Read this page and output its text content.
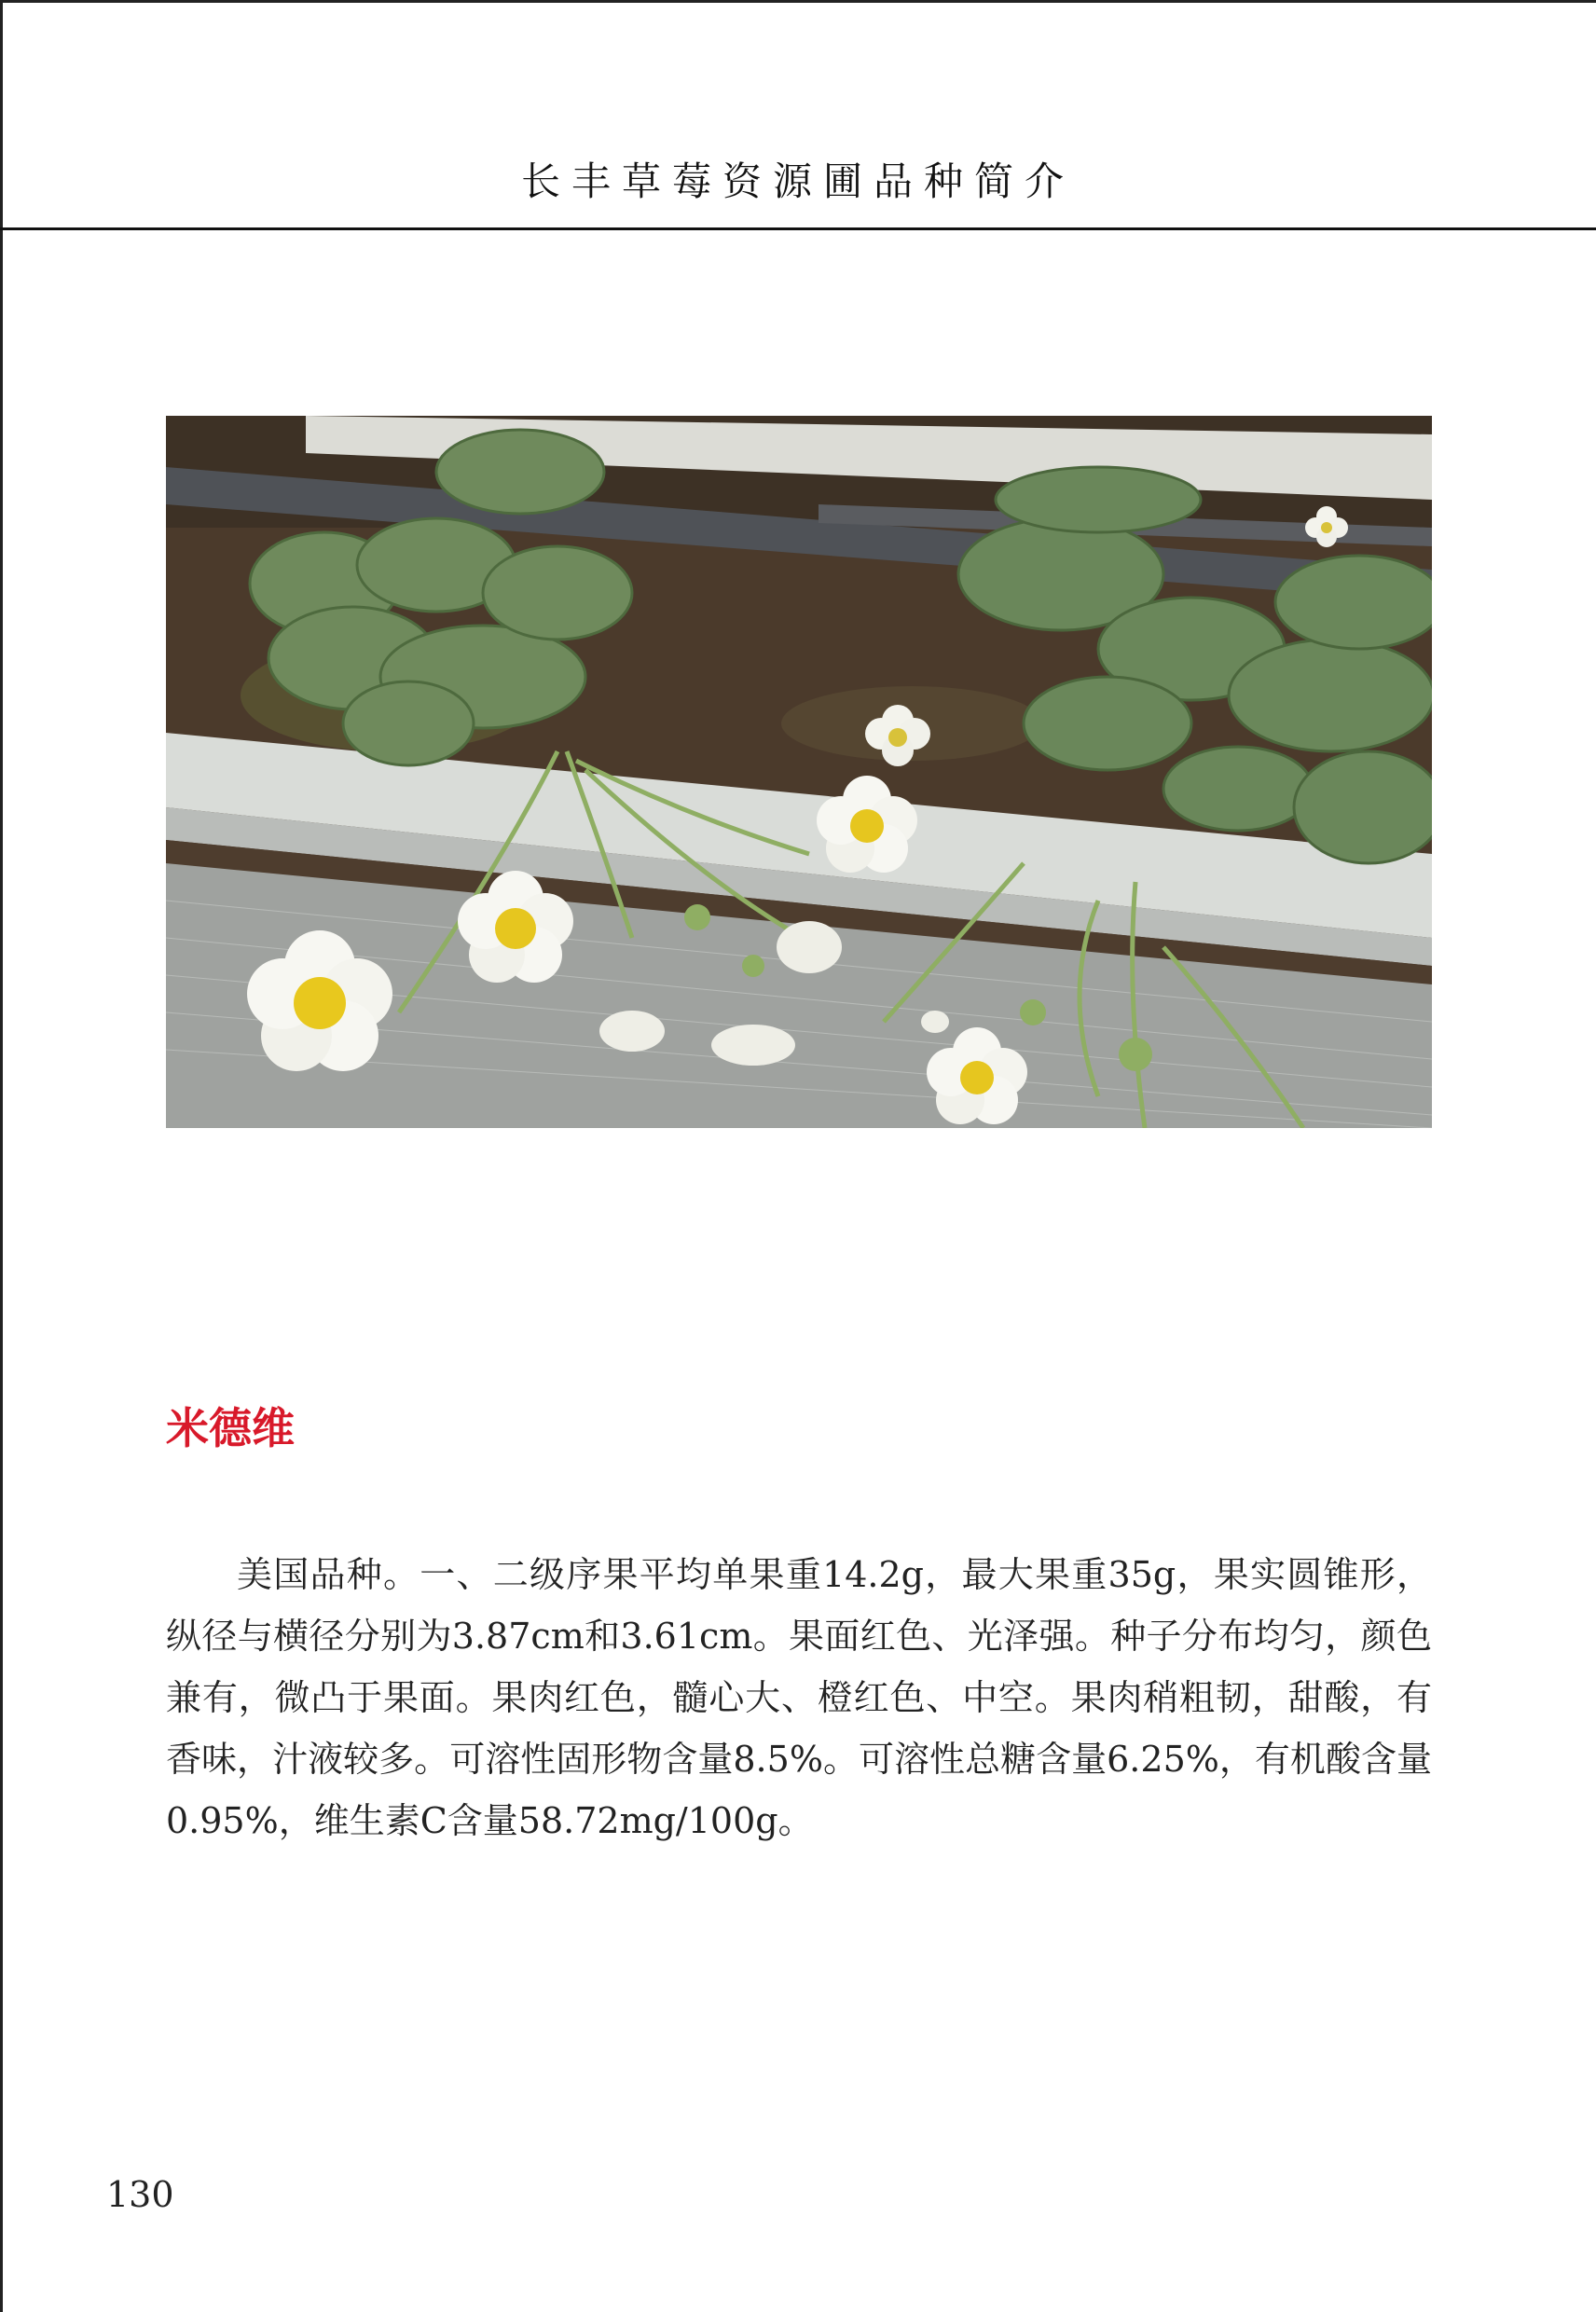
长丰草莓资源圃品种简介
米德维

美国品种。一、二级序果平均单果重14.2g，最大果重35g，果实圆锥形，纵径与横径分别为3.87cm和3.61cm。果面红色、光泽强。种子分布均匀，颜色兼有，微凸于果面。果肉红色，髓心大、橙红色、中空。果肉稍粗韧，甜酸，有香味，汁液较多。可溶性固形物含量8.5%。可溶性总糖含量6.25%，有机酸含量0.95%，维生素C含量58.72mg/100g。

130
